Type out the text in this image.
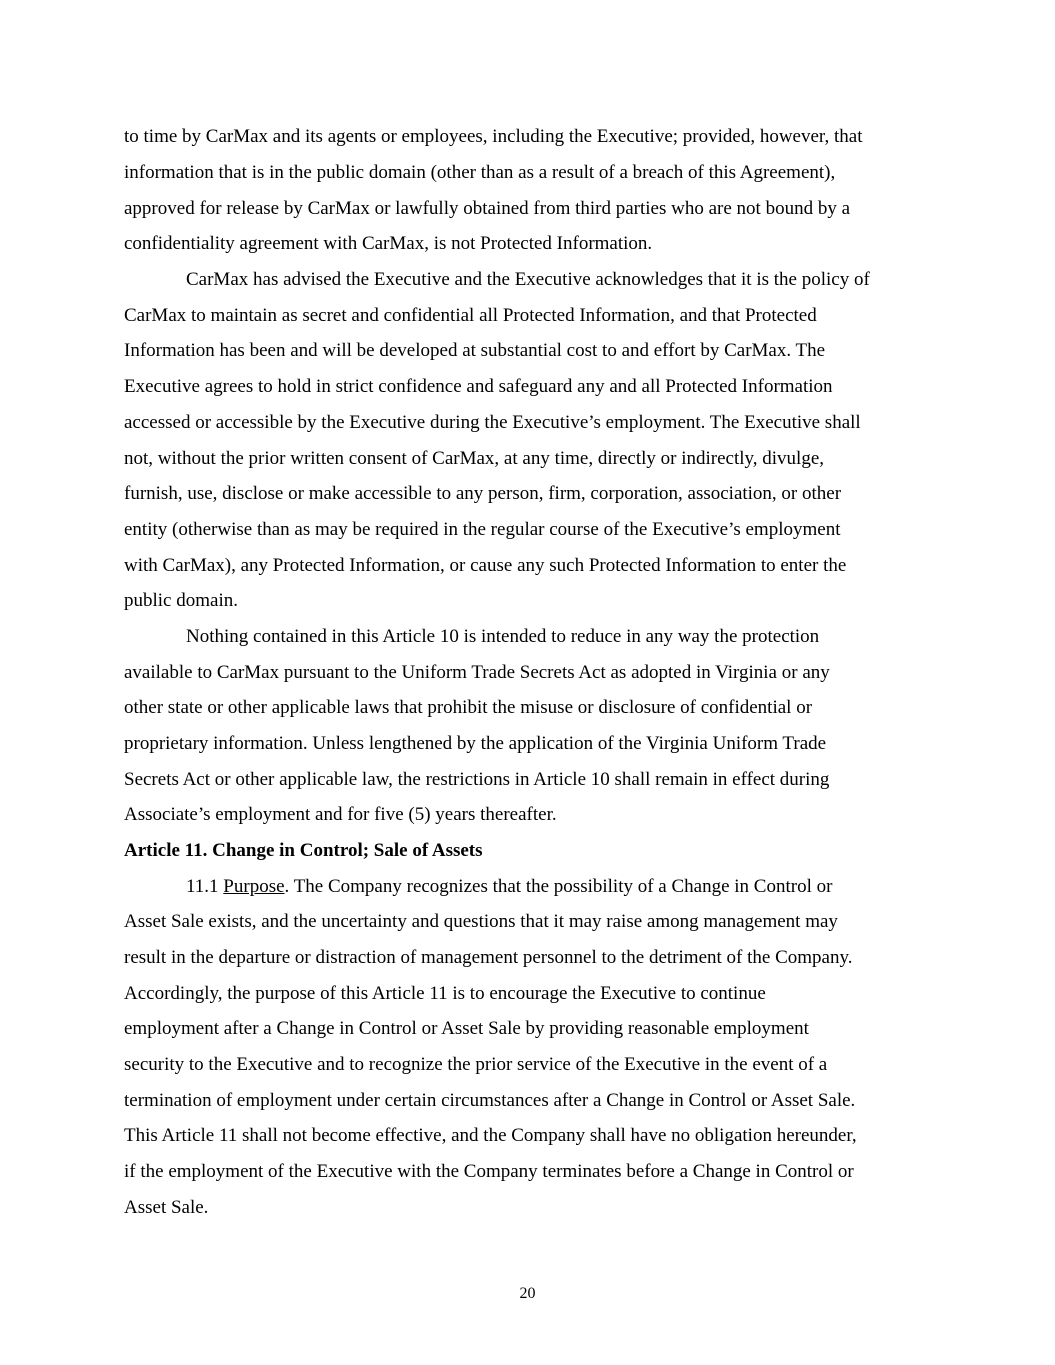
to time by CarMax and its agents or employees, including the Executive; provided, however, that
information that is in the public domain (other than as a result of a breach of this Agreement),
approved for release by CarMax or lawfully obtained from third parties who are not bound by a
confidentiality agreement with CarMax, is not Protected Information.
CarMax has advised the Executive and the Executive acknowledges that it is the policy of
CarMax to maintain as secret and confidential all Protected Information, and that Protected
Information has been and will be developed at substantial cost to and effort by CarMax. The
Executive agrees to hold in strict confidence and safeguard any and all Protected Information
accessed or accessible by the Executive during the Executive’s employment. The Executive shall
not, without the prior written consent of CarMax, at any time, directly or indirectly, divulge,
furnish, use, disclose or make accessible to any person, firm, corporation, association, or other
entity (otherwise than as may be required in the regular course of the Executive’s employment
with CarMax), any Protected Information, or cause any such Protected Information to enter the
public domain.
Nothing contained in this Article 10 is intended to reduce in any way the protection
available to CarMax pursuant to the Uniform Trade Secrets Act as adopted in Virginia or any
other state or other applicable laws that prohibit the misuse or disclosure of confidential or
proprietary information. Unless lengthened by the application of the Virginia Uniform Trade
Secrets Act or other applicable law, the restrictions in Article 10 shall remain in effect during
Associate’s employment and for five (5) years thereafter.
Article 11. Change in Control; Sale of Assets
11.1 Purpose. The Company recognizes that the possibility of a Change in Control or
Asset Sale exists, and the uncertainty and questions that it may raise among management may
result in the departure or distraction of management personnel to the detriment of the Company.
Accordingly, the purpose of this Article 11 is to encourage the Executive to continue
employment after a Change in Control or Asset Sale by providing reasonable employment
security to the Executive and to recognize the prior service of the Executive in the event of a
termination of employment under certain circumstances after a Change in Control or Asset Sale.
This Article 11 shall not become effective, and the Company shall have no obligation hereunder,
if the employment of the Executive with the Company terminates before a Change in Control or
Asset Sale.
20
